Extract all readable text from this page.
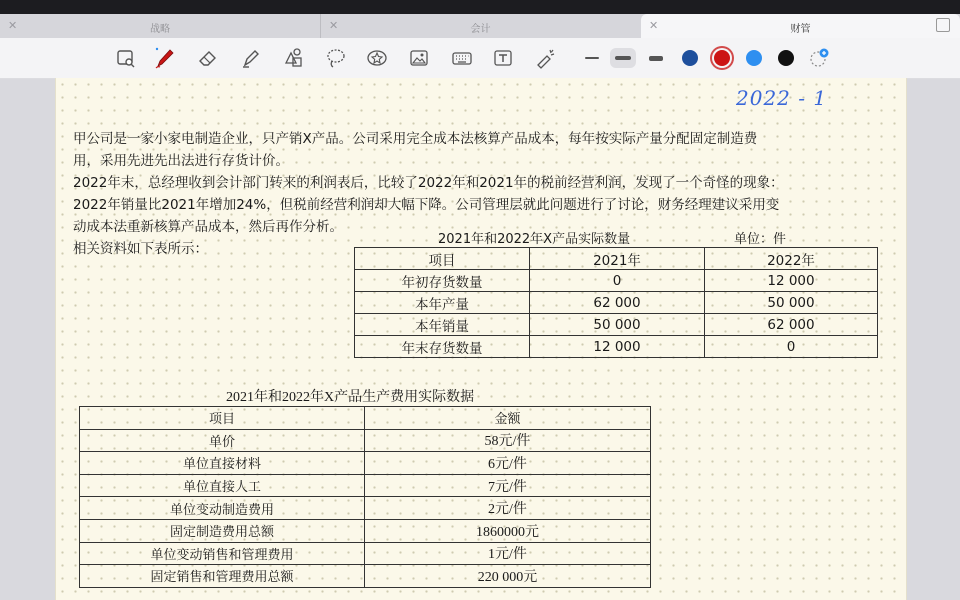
✕	战略	✕	会计	✕	财管
2022 - 1
甲公司是一家小家电制造企业，只产销X产品。公司采用完全成本法核算产品成本，每年按实际产量分配固定制造费
用，采用先进先出法进行存货计价。
2022年末，总经理收到会计部门转来的利润表后，比较了2022年和2021年的税前经营利润，发现了一个奇怪的现象：
2022年销量比2021年增加24%，但税前经营利润却大幅下降。公司管理层就此问题进行了讨论，财务经理建议采用变
动成本法重新核算产品成本，然后再作分析。
相关资料如下表所示：
2021年和2022年X产品实际数量	单位：件
项目	2021年	2022年
年初存货数量	0	12 000
本年产量	62 000	50 000
本年销量	50 000	62 000
年末存货数量	12 000	0
2021年和2022年X产品生产费用实际数据
项目	金额
单价	58元/件
单位直接材料	6元/件
单位直接人工	7元/件
单位变动制造费用	2元/件
固定制造费用总额	1860000元
单位变动销售和管理费用	1元/件
固定销售和管理费用总额	220 000元
